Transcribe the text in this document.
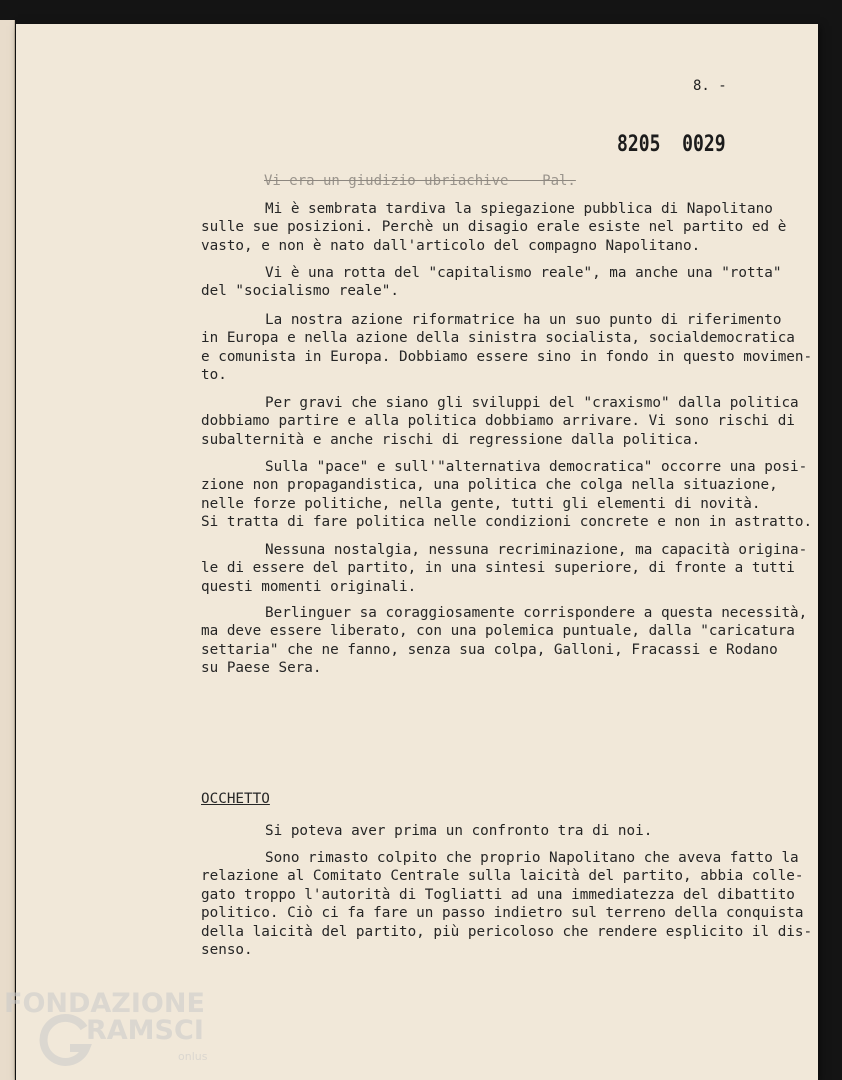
8. -
8205  0029
Vi era un giudizio ubriachive    Pal.
Mi è sembrata tardiva la spiegazione pubblica di Napolitano
sulle sue posizioni. Perchè un disagio erale esiste nel partito ed è
vasto, e non è nato dall'articolo del compagno Napolitano.
Vi è una rotta del "capitalismo reale", ma anche una "rotta"
del "socialismo reale".
La nostra azione riformatrice ha un suo punto di riferimento
in Europa e nella azione della sinistra socialista, socialdemocratica
e comunista in Europa. Dobbiamo essere sino in fondo in questo movimen-
to.
Per gravi che siano gli sviluppi del "craxismo" dalla politica
dobbiamo partire e alla politica dobbiamo arrivare. Vi sono rischi di
subalternità e anche rischi di regressione dalla politica.
Sulla "pace" e sull'"alternativa democratica" occorre una posi-
zione non propagandistica, una politica che colga nella situazione,
nelle forze politiche, nella gente, tutti gli elementi di novità.
Si tratta di fare politica nelle condizioni concrete e non in astratto.
Nessuna nostalgia, nessuna recriminazione, ma capacità origina-
le di essere del partito, in una sintesi superiore, di fronte a tutti
questi momenti originali.
Berlinguer sa coraggiosamente corrispondere a questa necessità,
ma deve essere liberato, con una polemica puntuale, dalla "caricatura
settaria" che ne fanno, senza sua colpa, Galloni, Fracassi e Rodano
su Paese Sera.
OCCHETTO
Si poteva aver prima un confronto tra di noi.
Sono rimasto colpito che proprio Napolitano che aveva fatto la
relazione al Comitato Centrale sulla laicità del partito, abbia colle-
gato troppo l'autorità di Togliatti ad una immediatezza del dibattito
politico. Ciò ci fa fare un passo indietro sul terreno della conquista
della laicità del partito, più pericoloso che rendere esplicito il dis-
senso.
FONDAZIONE
RAMSCI
onlus
